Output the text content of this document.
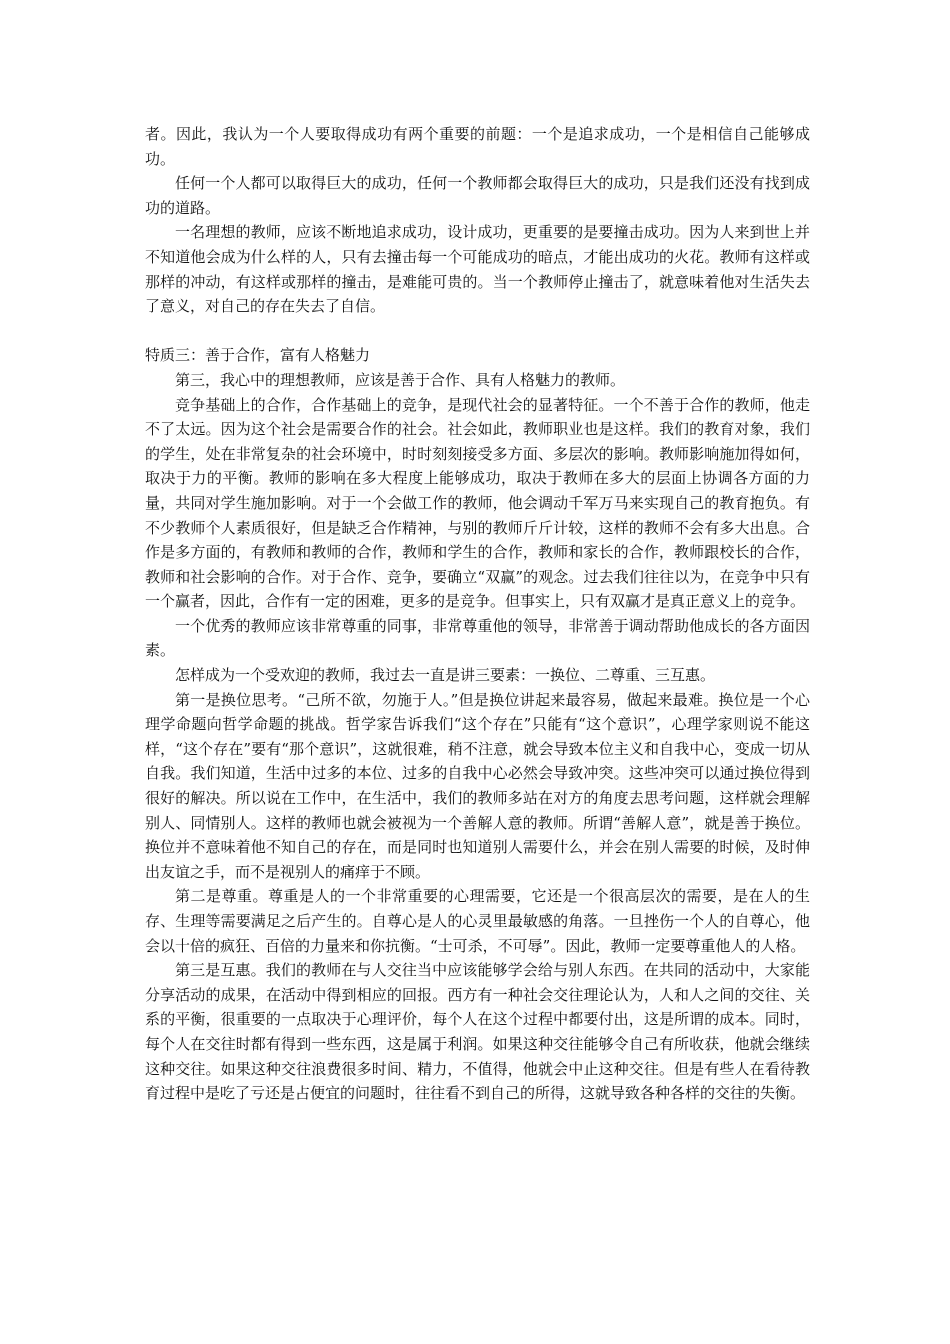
者。因此，我认为一个人要取得成功有两个重要的前题：一个是追求成功，一个是相信自己能够成功。

任何一个人都可以取得巨大的成功，任何一个教师都会取得巨大的成功，只是我们还没有找到成功的道路。

一名理想的教师，应该不断地追求成功，设计成功，更重要的是要撞击成功。因为人来到世上并不知道他会成为什么样的人，只有去撞击每一个可能成功的暗点，才能出成功的火花。教师有这样或那样的冲动，有这样或那样的撞击，是难能可贵的。当一个教师停止撞击了，就意味着他对生活失去了意义，对自己的存在失去了自信。

特质三：善于合作，富有人格魅力

第三，我心中的理想教师，应该是善于合作、具有人格魅力的教师。

竞争基础上的合作，合作基础上的竞争，是现代社会的显著特征。一个不善于合作的教师，他走不了太远。因为这个社会是需要合作的社会。社会如此，教师职业也是这样。我们的教育对象，我们的学生，处在非常复杂的社会环境中，时时刻刻接受多方面、多层次的影响。教师影响施加得如何，取决于力的平衡。教师的影响在多大程度上能够成功，取决于教师在多大的层面上协调各方面的力量，共同对学生施加影响。对于一个会做工作的教师，他会调动千军万马来实现自己的教育抱负。有不少教师个人素质很好，但是缺乏合作精神，与别的教师斤斤计较，这样的教师不会有多大出息。合作是多方面的，有教师和教师的合作，教师和学生的合作，教师和家长的合作，教师跟校长的合作，教师和社会影响的合作。对于合作、竞争，要确立“双赢”的观念。过去我们往往以为，在竞争中只有一个赢者，因此，合作有一定的困难，更多的是竞争。但事实上，只有双赢才是真正意义上的竞争。

一个优秀的教师应该非常尊重的同事，非常尊重他的领导，非常善于调动帮助他成长的各方面因素。

怎样成为一个受欢迎的教师，我过去一直是讲三要素：一换位、二尊重、三互惠。

第一是换位思考。“己所不欲，勿施于人。”但是换位讲起来最容易，做起来最难。换位是一个心理学命题向哲学命题的挑战。哲学家告诉我们“这个存在”只能有“这个意识”，心理学家则说不能这样，“这个存在”要有“那个意识”，这就很难，稍不注意，就会导致本位主义和自我中心，变成一切从自我。我们知道，生活中过多的本位、过多的自我中心必然会导致冲突。这些冲突可以通过换位得到很好的解决。所以说在工作中，在生活中，我们的教师多站在对方的角度去思考问题，这样就会理解别人、同情别人。这样的教师也就会被视为一个善解人意的教师。所谓“善解人意”，就是善于换位。换位并不意味着他不知自己的存在，而是同时也知道别人需要什么，并会在别人需要的时候，及时伸出友谊之手，而不是视别人的痛痒于不顾。

第二是尊重。尊重是人的一个非常重要的心理需要，它还是一个很高层次的需要，是在人的生存、生理等需要满足之后产生的。自尊心是人的心灵里最敏感的角落。一旦挫伤一个人的自尊心，他会以十倍的疯狂、百倍的力量来和你抗衡。“士可杀，不可辱”。因此，教师一定要尊重他人的人格。

第三是互惠。我们的教师在与人交往当中应该能够学会给与别人东西。在共同的活动中，大家能分享活动的成果，在活动中得到相应的回报。西方有一种社会交往理论认为，人和人之间的交往、关系的平衡，很重要的一点取决于心理评价，每个人在这个过程中都要付出，这是所谓的成本。同时，每个人在交往时都有得到一些东西，这是属于利润。如果这种交往能够令自己有所收获，他就会继续这种交往。如果这种交往浪费很多时间、精力，不值得，他就会中止这种交往。但是有些人在看待教育过程中是吃了亏还是占便宜的问题时，往往看不到自己的所得，这就导致各种各样的交往的失衡。
